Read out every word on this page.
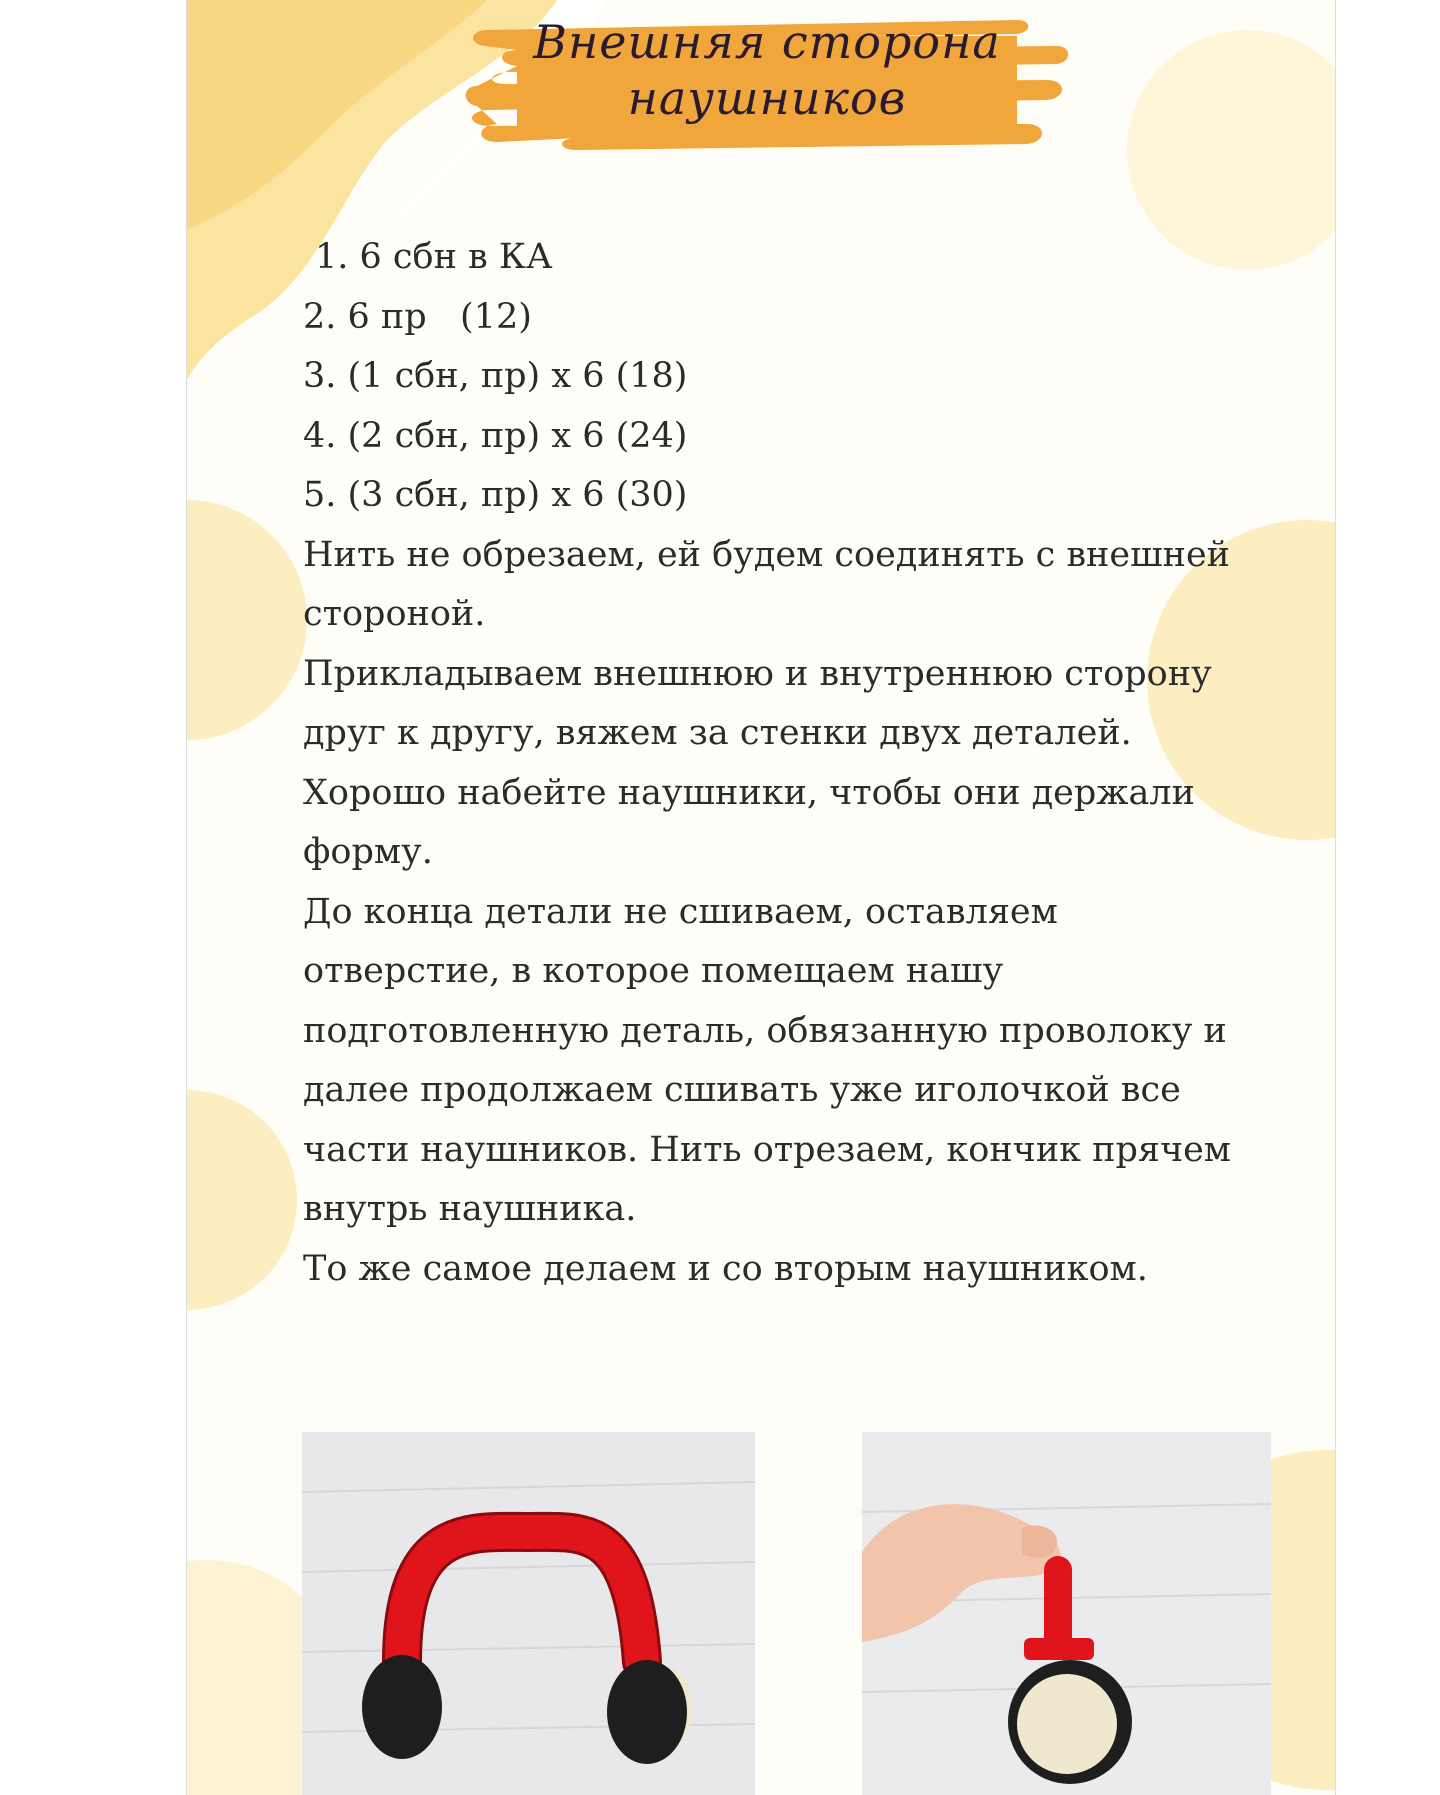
Внешняя сторона
наушников
1. 6 сбн в КА
2. 6 пр   (12)
3. (1 сбн, пр) х 6 (18)
4. (2 сбн, пр) х 6 (24)
5. (3 сбн, пр) х 6 (30)

Нить не обрезаем, ей будем соединять с внешней стороной.

Прикладываем внешнюю и внутреннюю сторону друг к другу, вяжем за стенки двух деталей.

Хорошо набейте наушники, чтобы они держали форму.

До конца детали не сшиваем, оставляем отверстие, в которое помещаем нашу подготовленную деталь, обвязанную проволоку и далее продолжаем сшивать уже иголочкой все части наушников. Нить отрезаем, кончик прячем внутрь наушника.

То же самое делаем и со вторым наушником.
